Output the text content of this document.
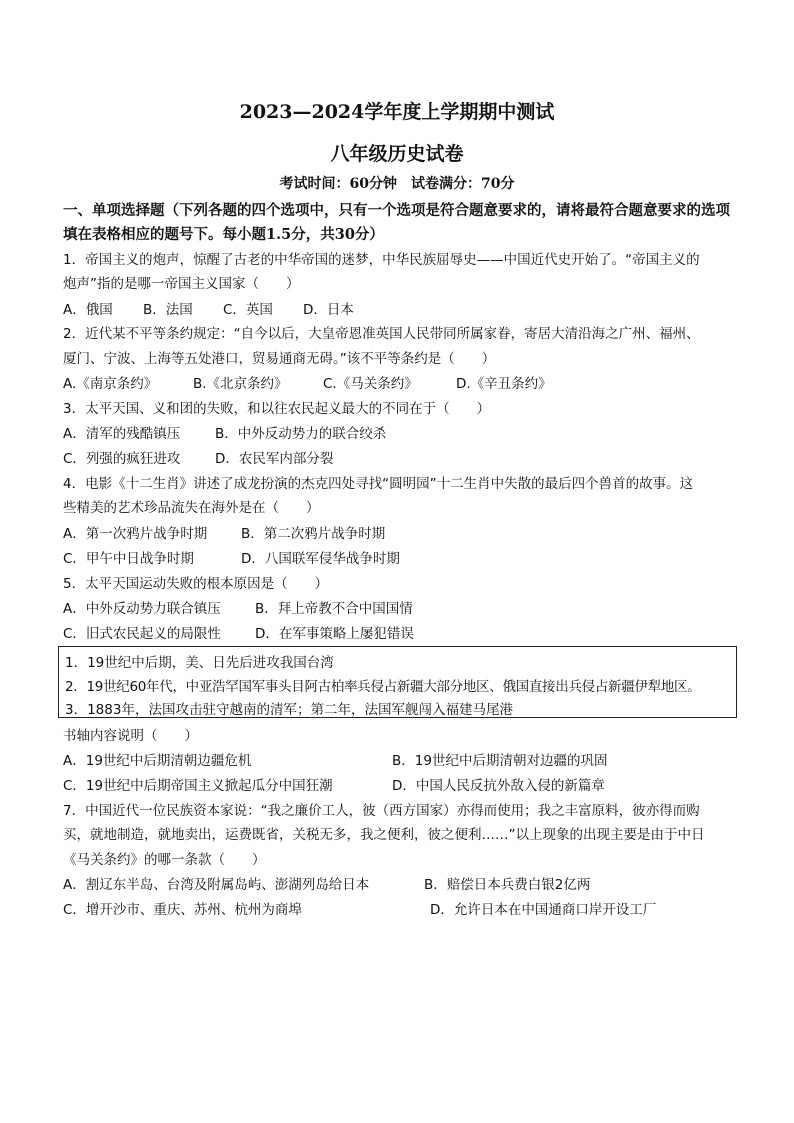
2023—2024学年度上学期期中测试
八年级历史试卷
考试时间：60分钟 试卷满分：70分
一、单项选择题（下列各题的四个选项中，只有一个选项是符合题意要求的，请将最符合题意要求的选项填在表格相应的题号下。每小题1.5分，共30分）
1．帝国主义的炮声，惊醒了古老的中华帝国的迷梦，中华民族屈辱史——中国近代史开始了。“帝国主义的
炮声”指的是哪一帝国主义国家（　　）
A．俄国 B．法国 C．英国 D．日本
2．近代某不平等条约规定：“自今以后，大皇帝恩准英国人民带同所属家眷，寄居大清沿海之广州、福州、
厦门、宁波、上海等五处港口，贸易通商无碍。”该不平等条约是（　　）
A.《南京条约》	B.《北京条约》	C.《马关条约》	D.《辛丑条约》
3．太平天国、义和团的失败，和以往农民起义最大的不同在于（　　）
A．清军的残酷镇压	B．中外反动势力的联合绞杀
C．列强的疯狂进攻	D．农民军内部分裂
4．电影《十二生肖》讲述了成龙扮演的杰克四处寻找“圆明园”十二生肖中失散的最后四个兽首的故事。这
些精美的艺术珍品流失在海外是在（　　）
A．第一次鸦片战争时期	B．第二次鸦片战争时期
C．甲午中日战争时期	D．八国联军侵华战争时期
5．太平天国运动失败的根本原因是（　　）
A．中外反动势力联合镇压	B．拜上帝教不合中国国情
C．旧式农民起义的局限性	D．在军事策略上屡犯错误
1．19世纪中后期，美、日先后进攻我国台湾
2．19世纪60年代，中亚浩罕国军事头目阿古柏率兵侵占新疆大部分地区、俄国直接出兵侵占新疆伊犁地区。
3．1883年，法国攻击驻守越南的清军；第二年，法国军舰闯入福建马尾港
书轴内容说明（　　）
A．19世纪中后期清朝边疆危机	B．19世纪中后期清朝对边疆的巩固
C．19世纪中后期帝国主义掀起瓜分中国狂潮	D．中国人民反抗外敌入侵的新篇章
7．中国近代一位民族资本家说：“我之廉价工人，彼（西方国家）亦得而使用；我之丰富原料，彼亦得而购
买，就地制造，就地卖出，运费既省，关税无多，我之便利，彼之便利……”以上现象的出现主要是由于中日
《马关条约》的哪一条款（　　）
A．割辽东半岛、台湾及附属岛屿、澎湖列岛给日本	B．赔偿日本兵费白银2亿两
C．增开沙市、重庆、苏州、杭州为商埠	D．允许日本在中国通商口岸开设工厂
